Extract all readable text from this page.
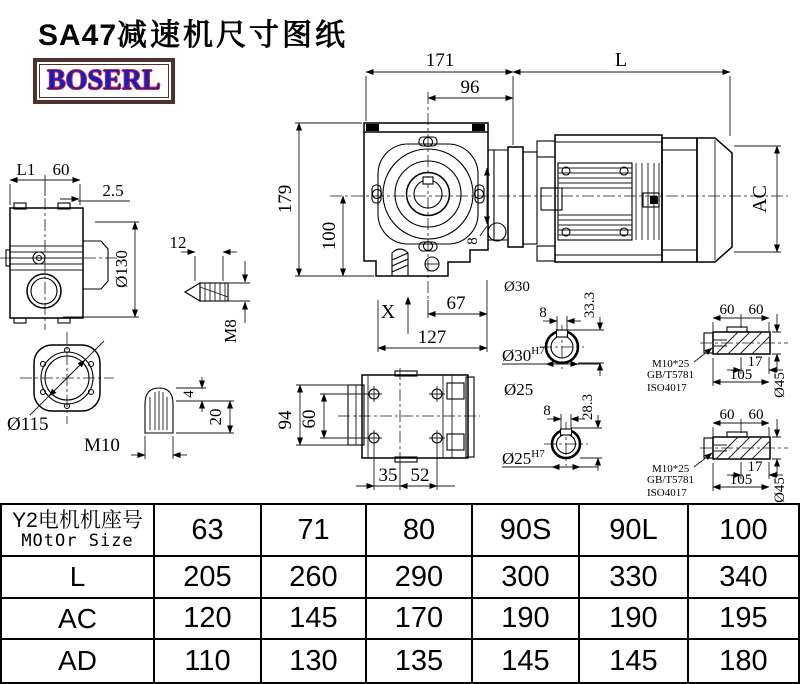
SA47减速机尺寸图纸
BOSERL
171	L
96
179
100
AC
67
127
X
Ø30
8
L1 60
2.5
Ø130
12
M8
Ø115
M10
4
20	94 60
35 52
8 33.3
$Ø30^{H7}$
Ø25
8 28.3
$Ø25^{H7}$
60 60
17
105 Ø45
M10*25
GB/T5781
ISO4017
Y2电机机座号
MOtOr Size	63	71	80	90S	90L	100
L	205	260	290	300	330	340
AC	120	145	170	190	190	195
AD	110	130	135	145	145	180
